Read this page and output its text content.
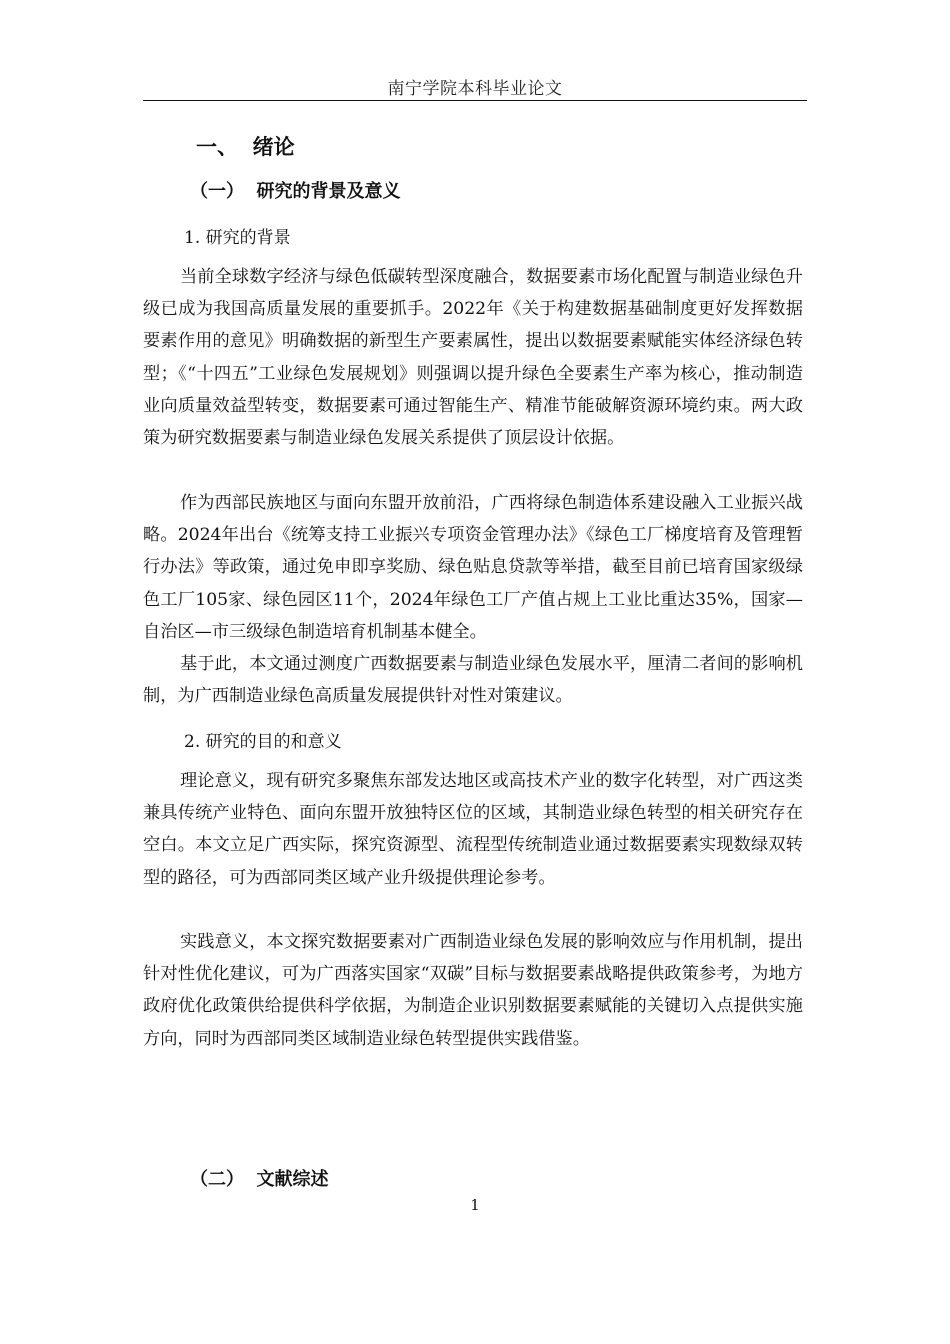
南宁学院本科毕业论文
一、  绪论
（一）  研究的背景及意义
1. 研究的背景

当前全球数字经济与绿色低碳转型深度融合，数据要素市场化配置与制造业绿色升级已成为我国高质量发展的重要抓手。2022年《关于构建数据基础制度更好发挥数据要素作用的意见》明确数据的新型生产要素属性，提出以数据要素赋能实体经济绿色转型；《“十四五”工业绿色发展规划》则强调以提升绿色全要素生产率为核心，推动制造业向质量效益型转变，数据要素可通过智能生产、精准节能破解资源环境约束。两大政策为研究数据要素与制造业绿色发展关系提供了顶层设计依据。

作为西部民族地区与面向东盟开放前沿，广西将绿色制造体系建设融入工业振兴战略。2024年出台《统筹支持工业振兴专项资金管理办法》《绿色工厂梯度培育及管理暂行办法》等政策，通过免申即享奖励、绿色贴息贷款等举措，截至目前已培育国家级绿色工厂105家、绿色园区11个，2024年绿色工厂产值占规上工业比重达35%，国家—自治区—市三级绿色制造培育机制基本健全。

基于此，本文通过测度广西数据要素与制造业绿色发展水平，厘清二者间的影响机制，为广西制造业绿色高质量发展提供针对性对策建议。

2. 研究的目的和意义

理论意义，现有研究多聚焦东部发达地区或高技术产业的数字化转型，对广西这类兼具传统产业特色、面向东盟开放独特区位的区域，其制造业绿色转型的相关研究存在空白。本文立足广西实际，探究资源型、流程型传统制造业通过数据要素实现数绿双转型的路径，可为西部同类区域产业升级提供理论参考。

实践意义，本文探究数据要素对广西制造业绿色发展的影响效应与作用机制，提出针对性优化建议，可为广西落实国家“双碳”目标与数据要素战略提供政策参考，为地方政府优化政策供给提供科学依据，为制造企业识别数据要素赋能的关键切入点提供实施方向，同时为西部同类区域制造业绿色转型提供实践借鉴。

（二）  文献综述
1
